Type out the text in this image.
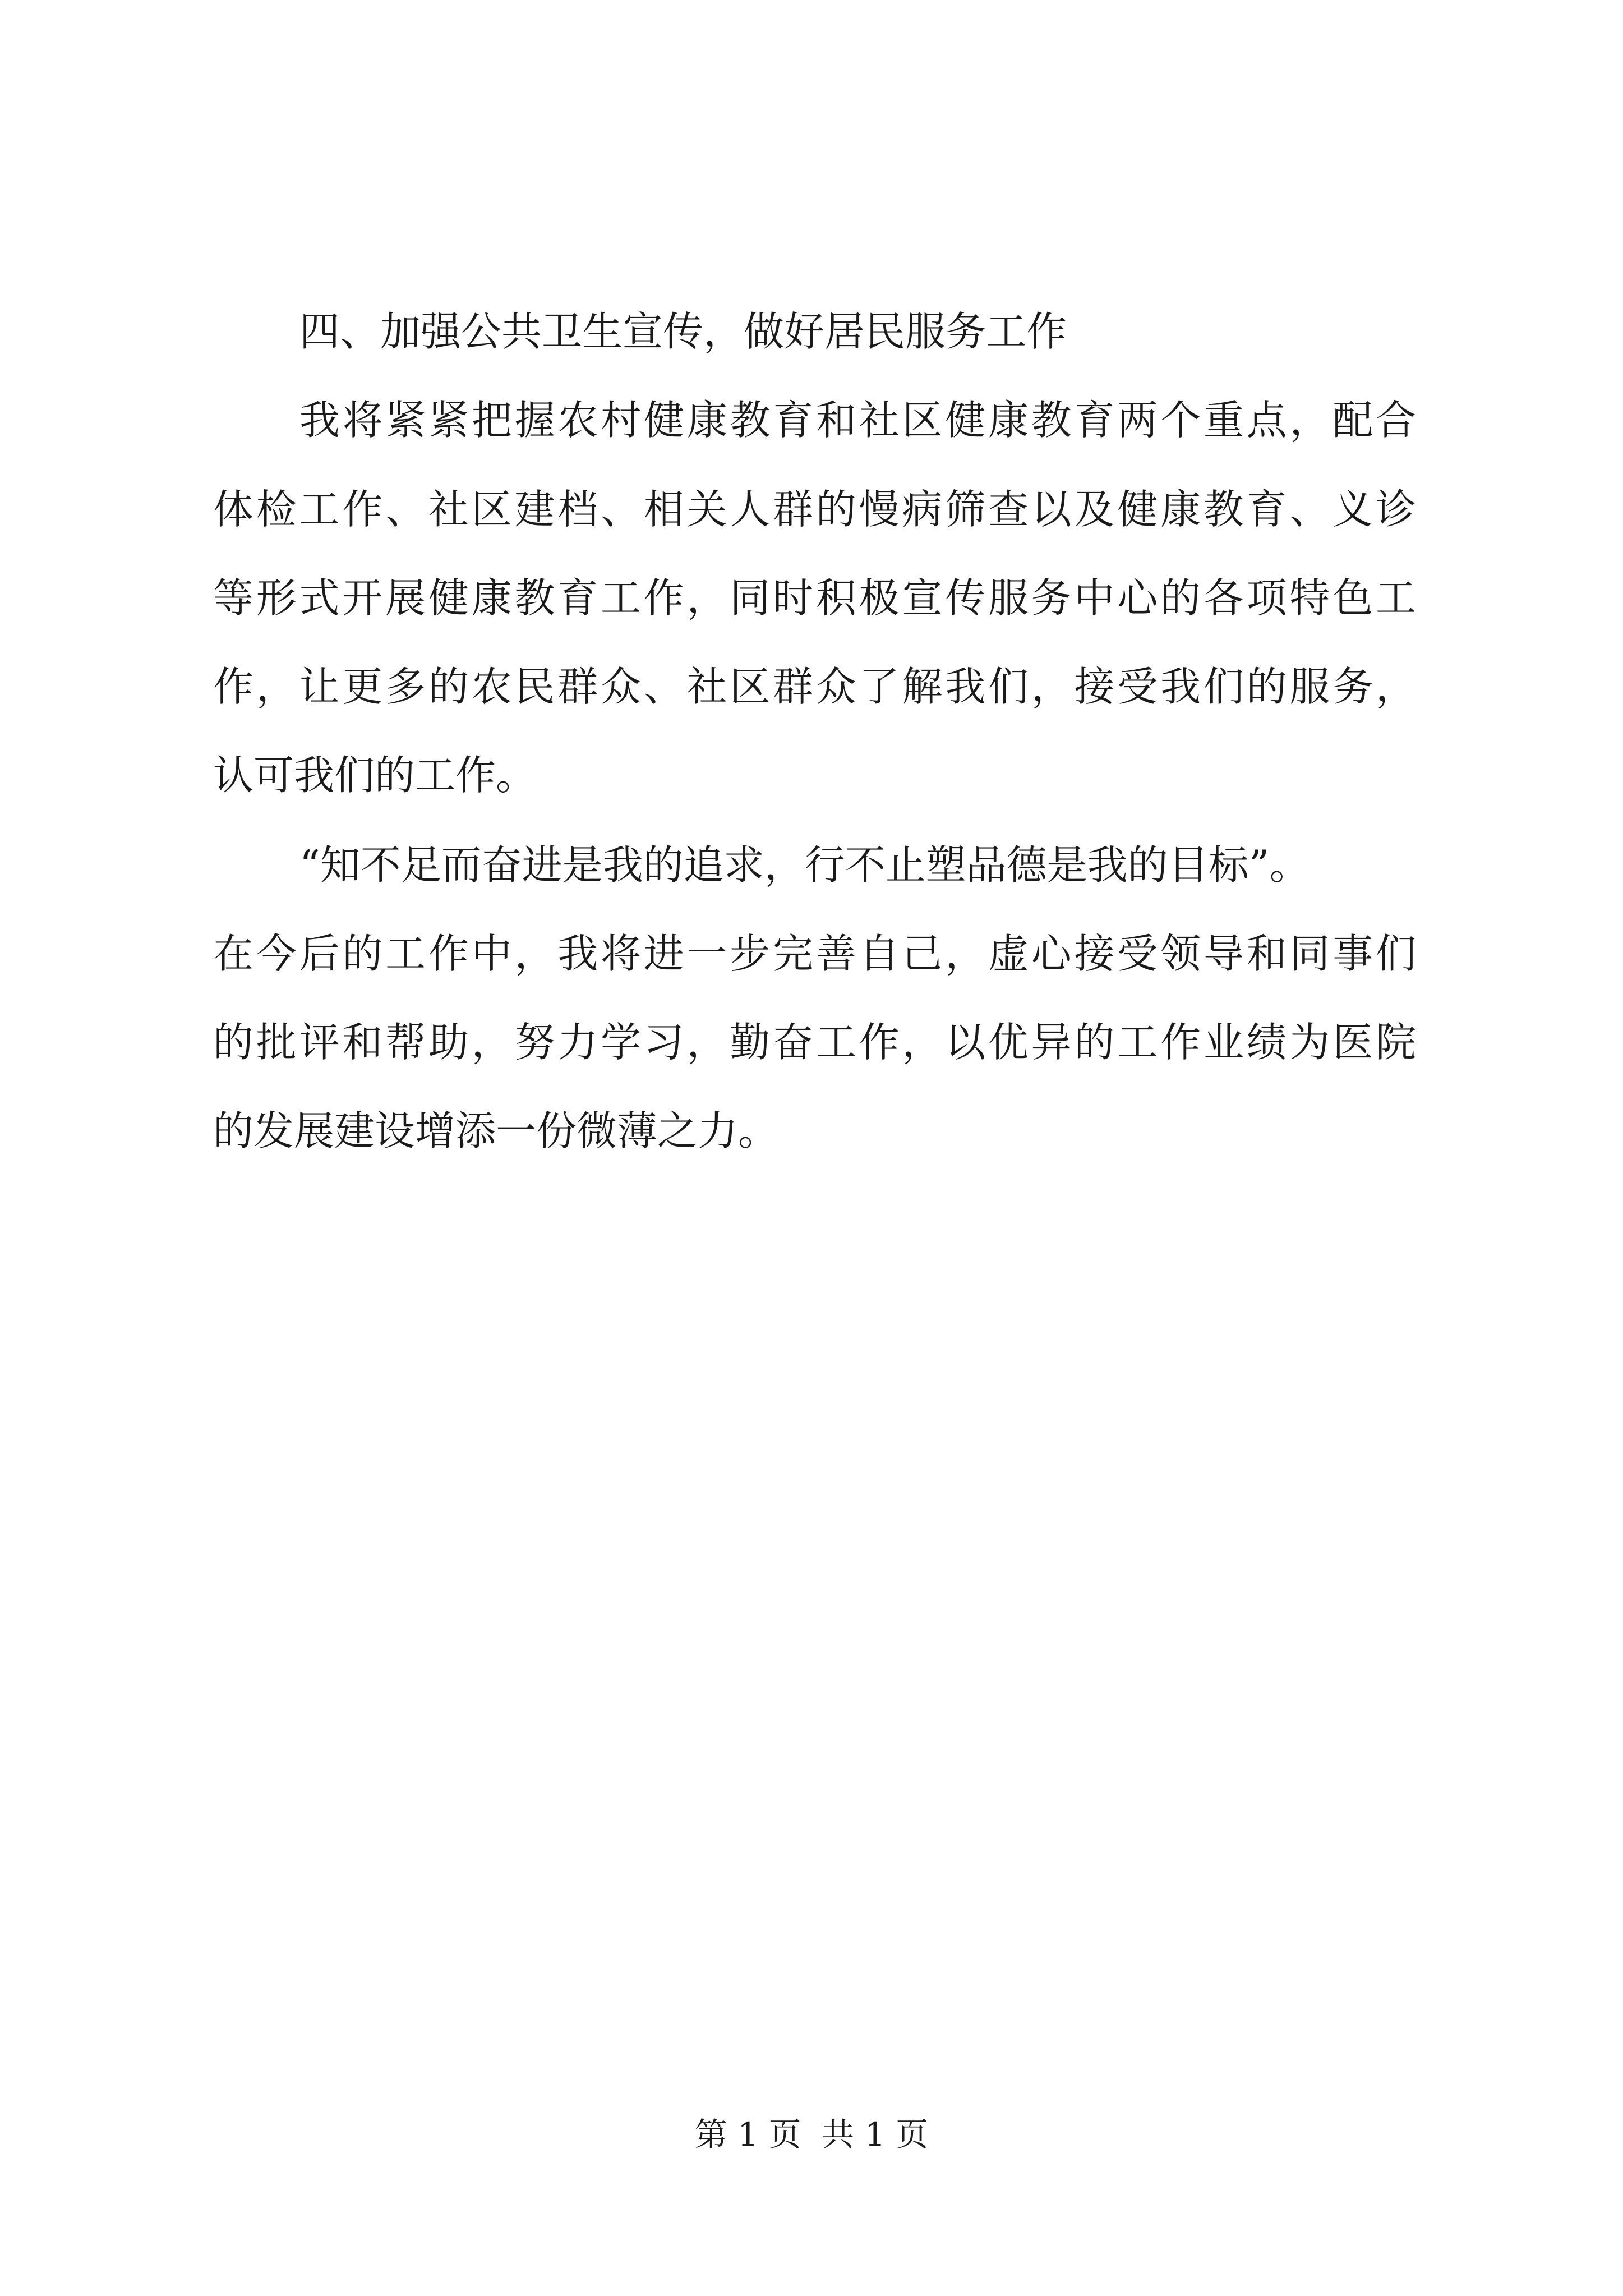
四、加强公共卫生宣传，做好居民服务工作
我将紧紧把握农村健康教育和社区健康教育两个重点，配合
体检工作、社区建档、相关人群的慢病筛查以及健康教育、义诊
等形式开展健康教育工作，同时积极宣传服务中心的各项特色工
作，让更多的农民群众、社区群众了解我们，接受我们的服务，
认可我们的工作。
“知不足而奋进是我的追求，行不止塑品德是我的目标”。
在今后的工作中，我将进一步完善自己，虚心接受领导和同事们
的批评和帮助，努力学习，勤奋工作，以优异的工作业绩为医院
的发展建设增添一份微薄之力。
第 1 页  共 1 页
